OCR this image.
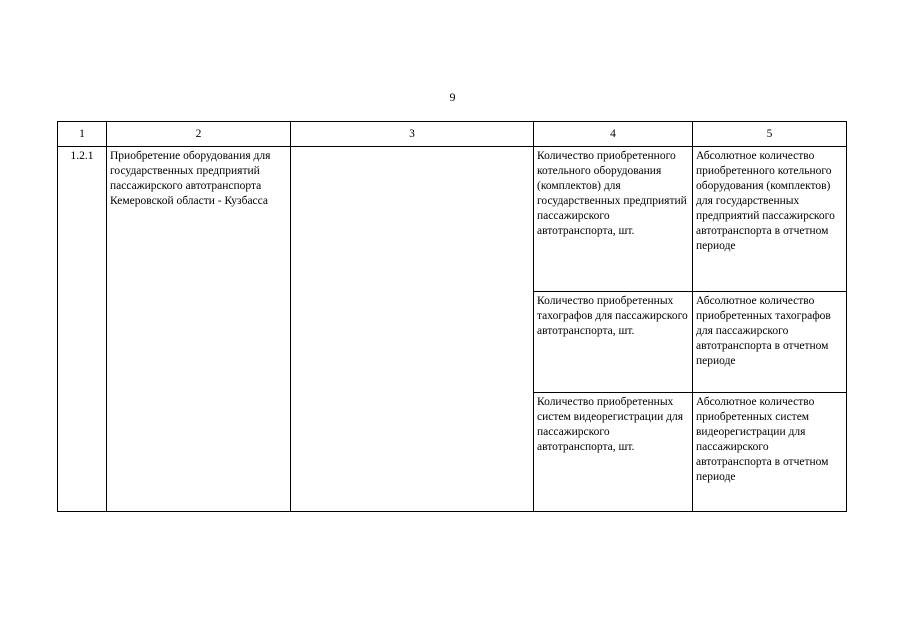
9
1	2	3	4	5
1.2.1	Приобретение оборудования для государственных предприятий пассажирского автотранспорта Кемеровской области - Кузбасса		Количество приобретенного котельного оборудования (комплектов) для государственных предприятий пассажирского автотранспорта, шт.	Абсолютное количество приобретенного котельного оборудования (комплектов) для государственных предприятий пассажирского автотранспорта в отчетном периоде
			Количество приобретенных тахографов для пассажирского автотранспорта, шт.	Абсолютное количество приобретенных тахографов для пассажирского автотранспорта в отчетном периоде
			Количество приобретенных систем видеорегистрации для пассажирского автотранспорта, шт.	Абсолютное количество приобретенных систем видеорегистрации для пассажирского автотранспорта в отчетном периоде
